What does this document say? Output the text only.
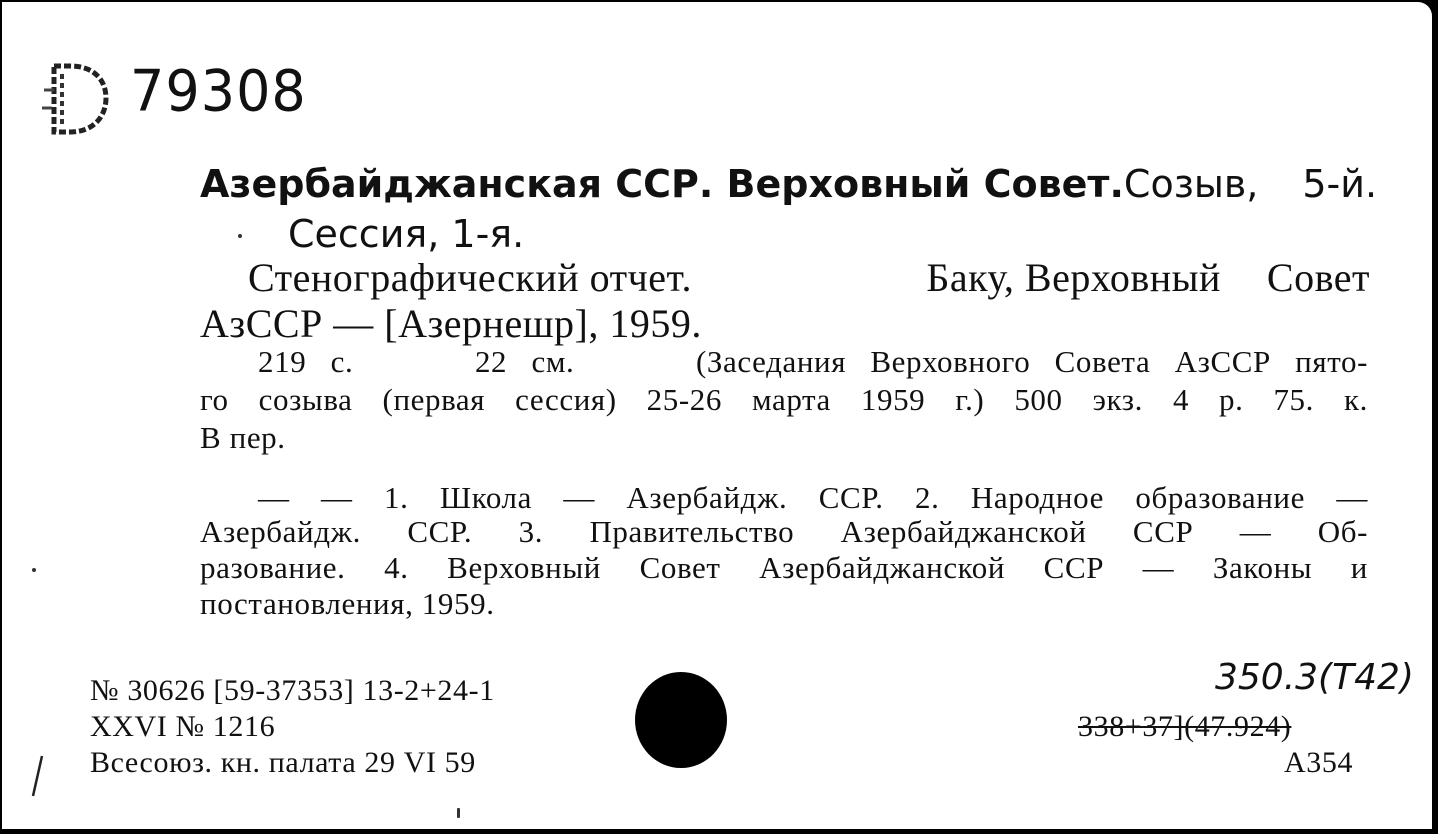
79308
Азербайджанская ССР. Верховный Совет. Созыв, 5-й.
Сессия, 1-я.
Стенографический отчет.	Баку, Верховный Совет
АзССР — [Азернешр], 1959.
219 с.     22 см.     (Заседания Верховного Совета АзССР пято-
го созыва (первая сессия) 25-26 марта 1959 г.) 500 экз. 4 р. 75. к.
В пер.
— — 1. Школа — Азербайдж. ССР. 2. Народное образование —
Азербайдж. ССР. 3. Правительство Азербайджанской ССР — Об-
разование. 4. Верховный Совет Азербайджанской ССР — Законы и
постановления, 1959.
№ 30626 [59-37353] 13-2+24-1
XXVI № 1216
Всесоюз. кн. палата 29 VI 59
350.3(Т42)
338+37](47.924)
А354
